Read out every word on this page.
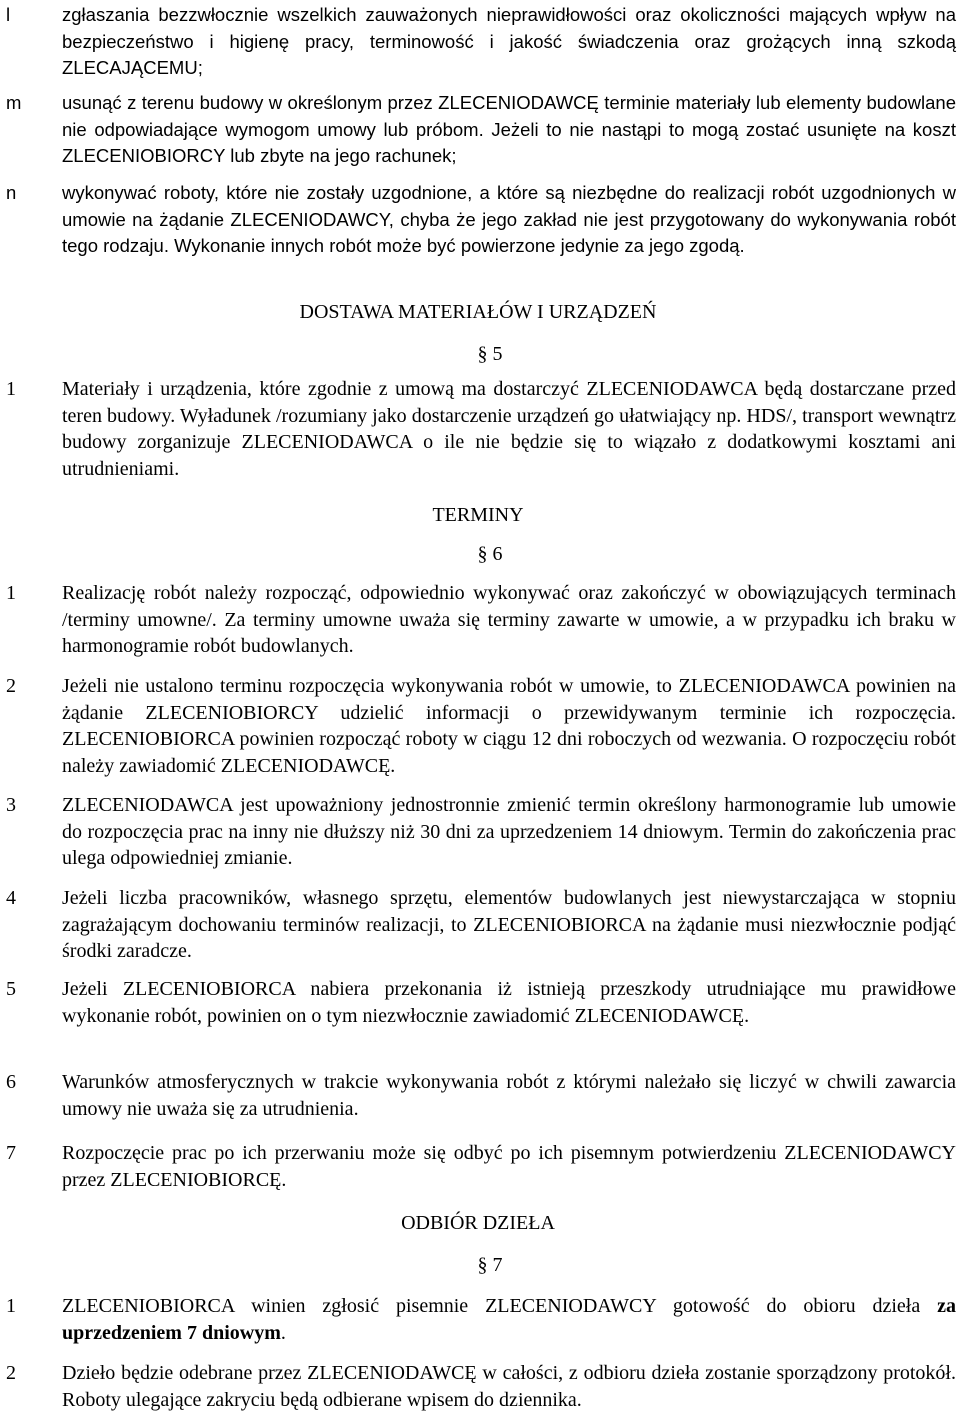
l	zgłaszania bezzwłocznie wszelkich zauważonych nieprawidłowości oraz okoliczności mających wpływ na bezpieczeństwo i higienę pracy, terminowość i jakość świadczenia oraz grożących inną szkodą ZLECAJĄCEMU;
m	usunąć z terenu budowy w określonym przez ZLECENIODAWCĘ terminie materiały lub elementy budowlane nie odpowiadające wymogom umowy lub próbom. Jeżeli to nie nastąpi to mogą zostać usunięte na koszt ZLECENIOBIORCY lub zbyte na jego rachunek;
n	wykonywać roboty, które nie zostały uzgodnione, a które są niezbędne do realizacji robót uzgodnionych w umowie na żądanie ZLECENIODAWCY, chyba że jego zakład nie jest przygotowany do wykonywania robót tego rodzaju. Wykonanie innych robót może być powierzone jedynie za jego zgodą.
DOSTAWA MATERIAŁÓW I URZĄDZEŃ
§ 5
1	Materiały i urządzenia, które zgodnie z umową ma dostarczyć ZLECENIODAWCA będą dostarczane przed teren budowy. Wyładunek /rozumiany jako dostarczenie urządzeń go ułatwiający np. HDS/, transport wewnątrz budowy zorganizuje ZLECENIODAWCA o ile nie będzie się to wiązało z dodatkowymi kosztami ani utrudnieniami.
TERMINY
§ 6
1	Realizację robót należy rozpocząć, odpowiednio wykonywać oraz zakończyć w obowiązujących terminach /terminy umowne/. Za terminy umowne uważa się terminy zawarte w umowie, a w przypadku ich braku w harmonogramie robót budowlanych.
2	Jeżeli nie ustalono terminu rozpoczęcia wykonywania robót w umowie, to ZLECENIODAWCA powinien na żądanie ZLECENIOBIORCY udzielić informacji o przewidywanym terminie ich rozpoczęcia. ZLECENIOBIORCA powinien rozpocząć roboty w ciągu 12 dni roboczych od wezwania. O rozpoczęciu robót należy zawiadomić ZLECENIODAWCĘ.
3	ZLECENIODAWCA jest upoważniony jednostronnie zmienić termin określony harmonogramie lub umowie do rozpoczęcia prac na inny nie dłuższy niż 30 dni za uprzedzeniem 14 dniowym. Termin do zakończenia prac ulega odpowiedniej zmianie.
4	Jeżeli liczba pracowników, własnego sprzętu, elementów budowlanych jest niewystarczająca w stopniu zagrażającym dochowaniu terminów realizacji, to ZLECENIOBIORCA na żądanie musi niezwłocznie podjąć środki zaradcze.
5	Jeżeli ZLECENIOBIORCA nabiera przekonania iż istnieją przeszkody utrudniające mu prawidłowe wykonanie robót, powinien on o tym niezwłocznie zawiadomić ZLECENIODAWCĘ.
6	Warunków atmosferycznych w trakcie wykonywania robót z którymi należało się liczyć w chwili zawarcia umowy nie uważa się za utrudnienia.
7	Rozpoczęcie prac po ich przerwaniu może się odbyć po ich pisemnym potwierdzeniu ZLECENIODAWCY przez ZLECENIOBIORCĘ.
ODBIÓR DZIEŁA
§ 7
1	ZLECENIOBIORCA winien zgłosić pisemnie ZLECENIODAWCY gotowość do obioru dzieła za uprzedzeniem 7 dniowym.
2	Dzieło będzie odebrane przez ZLECENIODAWCĘ w całości, z odbioru dzieła zostanie sporządzony protokół. Roboty ulegające zakryciu będą odbierane wpisem do dziennika.
